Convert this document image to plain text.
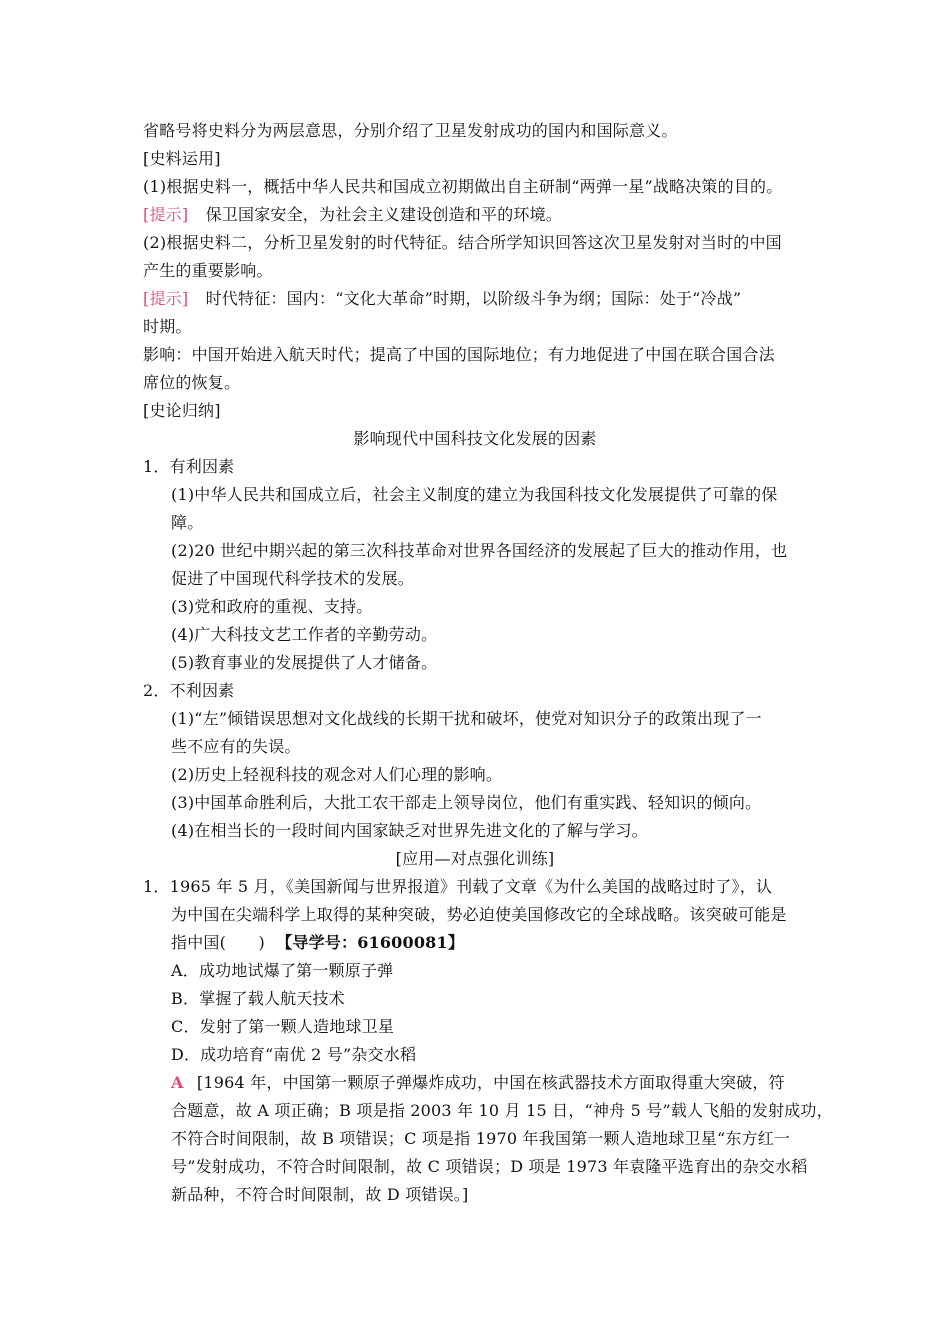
省略号将史料分为两层意思，分别介绍了卫星发射成功的国内和国际意义。
[史料运用]
(1)根据史料一，概括中华人民共和国成立初期做出自主研制“两弹一星”战略决策的目的。
[提示] 保卫国家安全，为社会主义建设创造和平的环境。
(2)根据史料二，分析卫星发射的时代特征。结合所学知识回答这次卫星发射对当时的中国
产生的重要影响。
[提示] 时代特征：国内：“文化大革命”时期，以阶级斗争为纲；国际：处于“冷战”
时期。
影响：中国开始进入航天时代；提高了中国的国际地位；有力地促进了中国在联合国合法
席位的恢复。
[史论归纳]
影响现代中国科技文化发展的因素
1．有利因素
(1)中华人民共和国成立后，社会主义制度的建立为我国科技文化发展提供了可靠的保
障。
(2)20 世纪中期兴起的第三次科技革命对世界各国经济的发展起了巨大的推动作用，也
促进了中国现代科学技术的发展。
(3)党和政府的重视、支持。
(4)广大科技文艺工作者的辛勤劳动。
(5)教育事业的发展提供了人才储备。
2．不利因素
(1)“左”倾错误思想对文化战线的长期干扰和破坏，使党对知识分子的政策出现了一
些不应有的失误。
(2)历史上轻视科技的观念对人们心理的影响。
(3)中国革命胜利后，大批工农干部走上领导岗位，他们有重实践、轻知识的倾向。
(4)在相当长的一段时间内国家缺乏对世界先进文化的了解与学习。
[应用—对点强化训练]
1．1965 年 5 月，《美国新闻与世界报道》刊载了文章《为什么美国的战略过时了》，认
为中国在尖端科学上取得的某种突破，势必迫使美国修改它的全球战略。该突破可能是
指中国(　　) 【导学号：61600081】
A．成功地试爆了第一颗原子弹
B．掌握了载人航天技术
C．发射了第一颗人造地球卫星
D．成功培育“南优 2 号”杂交水稻
A [1964 年，中国第一颗原子弹爆炸成功，中国在核武器技术方面取得重大突破，符
合题意，故 A 项正确；B 项是指 2003 年 10 月 15 日，“神舟 5 号”载人飞船的发射成功，
不符合时间限制，故 B 项错误；C 项是指 1970 年我国第一颗人造地球卫星“东方红一
号”发射成功，不符合时间限制，故 C 项错误；D 项是 1973 年袁隆平选育出的杂交水稻
新品种，不符合时间限制，故 D 项错误。]
